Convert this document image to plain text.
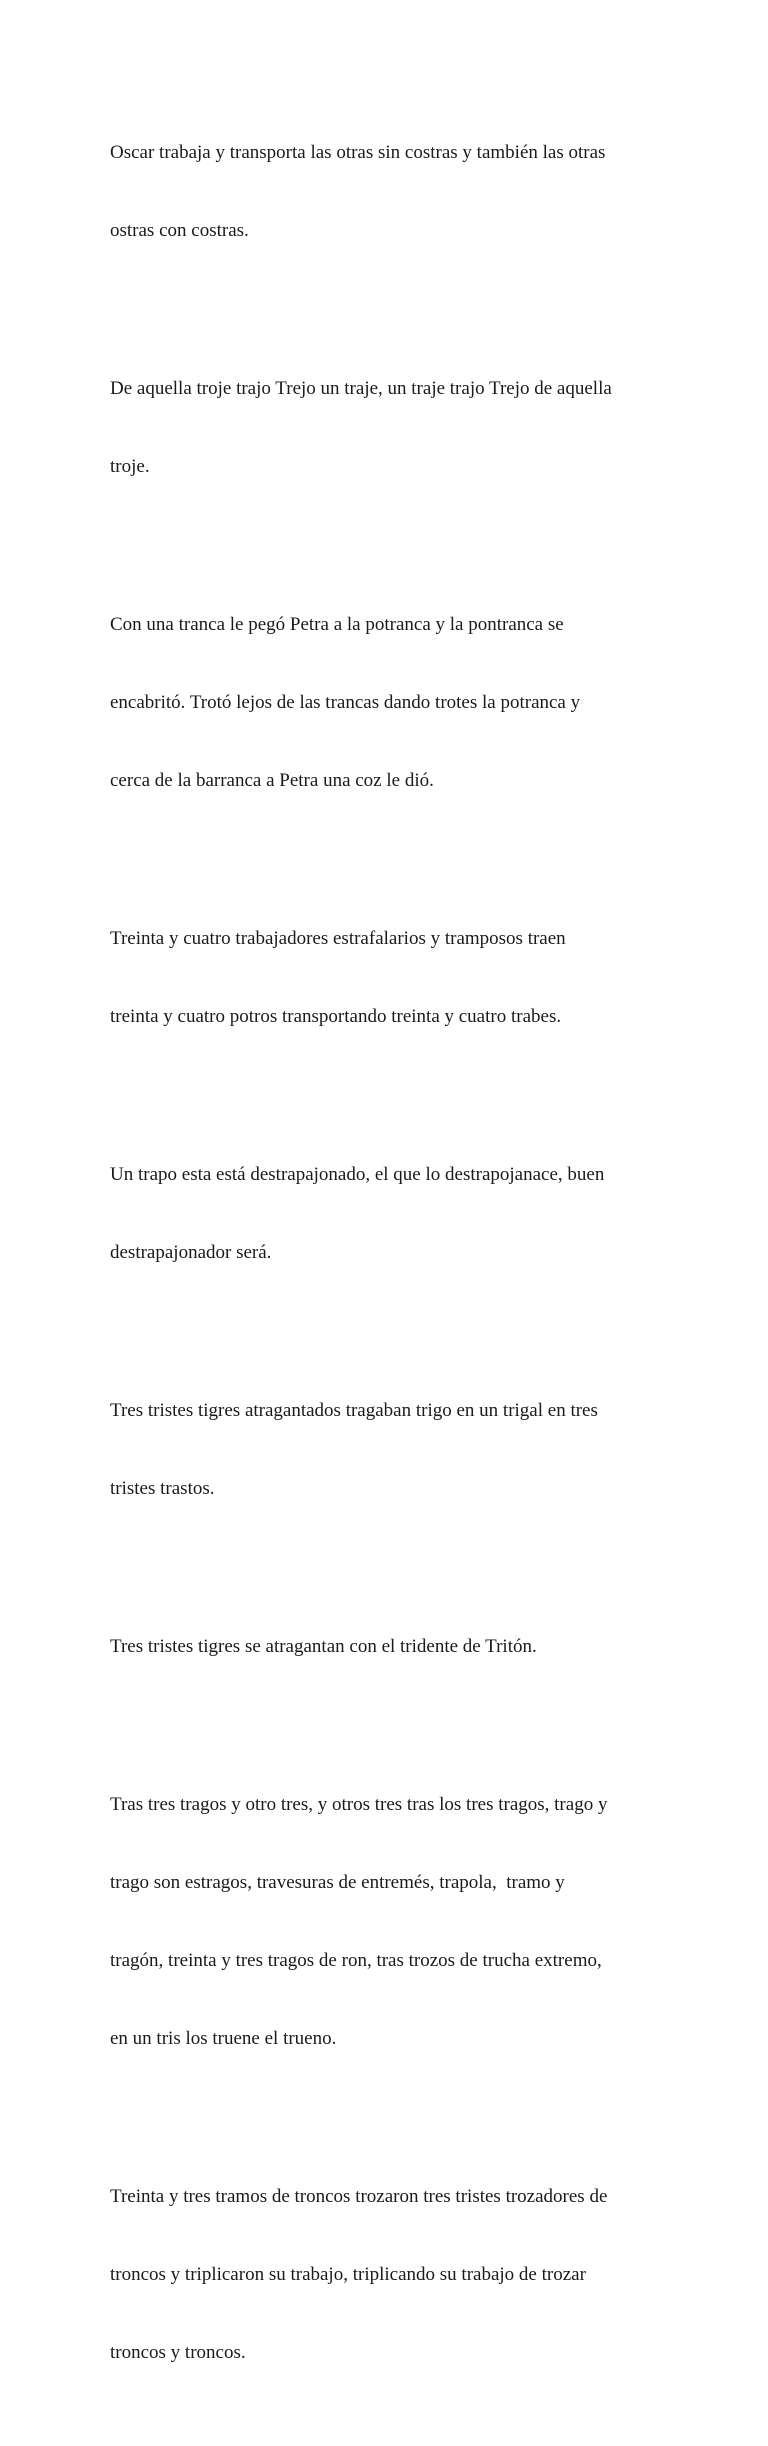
Oscar trabaja y transporta las otras sin costras y también las otras

ostras con costras.

De aquella troje trajo Trejo un traje, un traje trajo Trejo de aquella

troje.

Con una tranca le pegó Petra a la potranca y la pontranca se

encabritó. Trotó lejos de las trancas dando trotes la potranca y

cerca de la barranca a Petra una coz le dió.

Treinta y cuatro trabajadores estrafalarios y tramposos traen

treinta y cuatro potros transportando treinta y cuatro trabes.

Un trapo esta está destrapajonado, el que lo destrapojanace, buen

destrapajonador será.

Tres tristes tigres atragantados tragaban trigo en un trigal en tres

tristes trastos.

Tres tristes tigres se atragantan con el tridente de Tritón.

Tras tres tragos y otro tres, y otros tres tras los tres tragos, trago y

trago son estragos, travesuras de entremés, trapola,  tramo y

tragón, treinta y tres tragos de ron, tras trozos de trucha extremo,

en un tris los truene el trueno.

Treinta y tres tramos de troncos trozaron tres tristes trozadores de

troncos y triplicaron su trabajo, triplicando su trabajo de trozar

troncos y troncos.
